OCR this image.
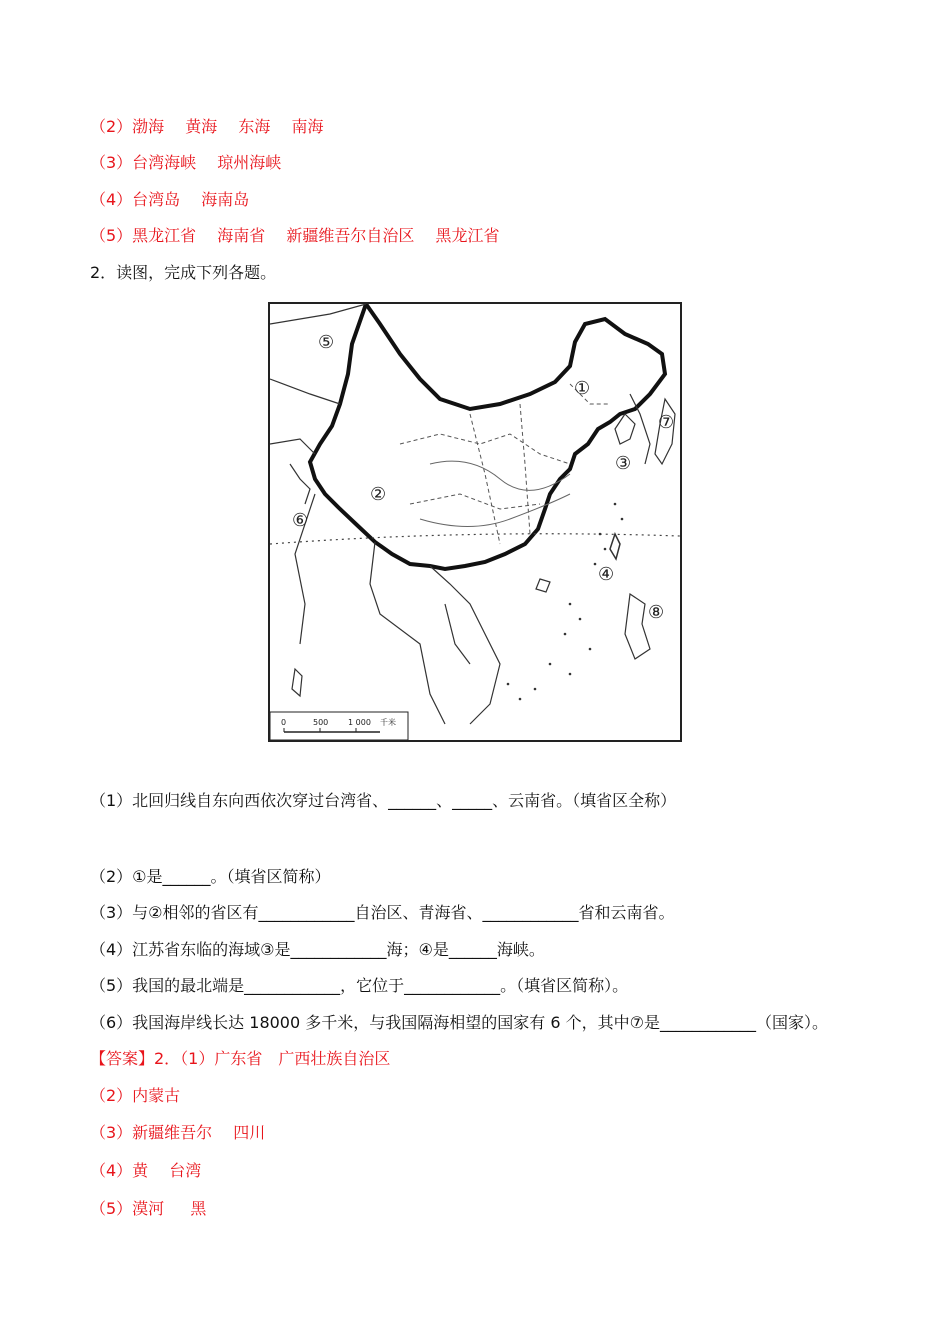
（2）渤海　 黄海　 东海　 南海
（3）台湾海峡　 琼州海峡
（4）台湾岛　 海南岛
（5）黑龙江省　 海南省　 新疆维吾尔自治区　 黑龙江省
2．读图，完成下列各题。
⑤
①
⑦
③
②
⑥
④
⑧
0	500 1 000 千米
（1）北回归线自东向西依次穿过台湾省、______、_____、云南省。（填省区全称）
（2）①是______。（填省区简称）
（3）与②相邻的省区有____________自治区、青海省、____________省和云南省。
（4）江苏省东临的海域③是____________海；④是______海峡。
（5）我国的最北端是____________，它位于____________。（填省区简称）。
（6）我国海岸线长达 18000 多千米，与我国隔海相望的国家有 6 个，其中⑦是____________（国家）。
【答案】2．（1）广东省　广西壮族自治区
（2）内蒙古
（3）新疆维吾尔　 四川
（4）黄　 台湾
（5）漠河　  黑
